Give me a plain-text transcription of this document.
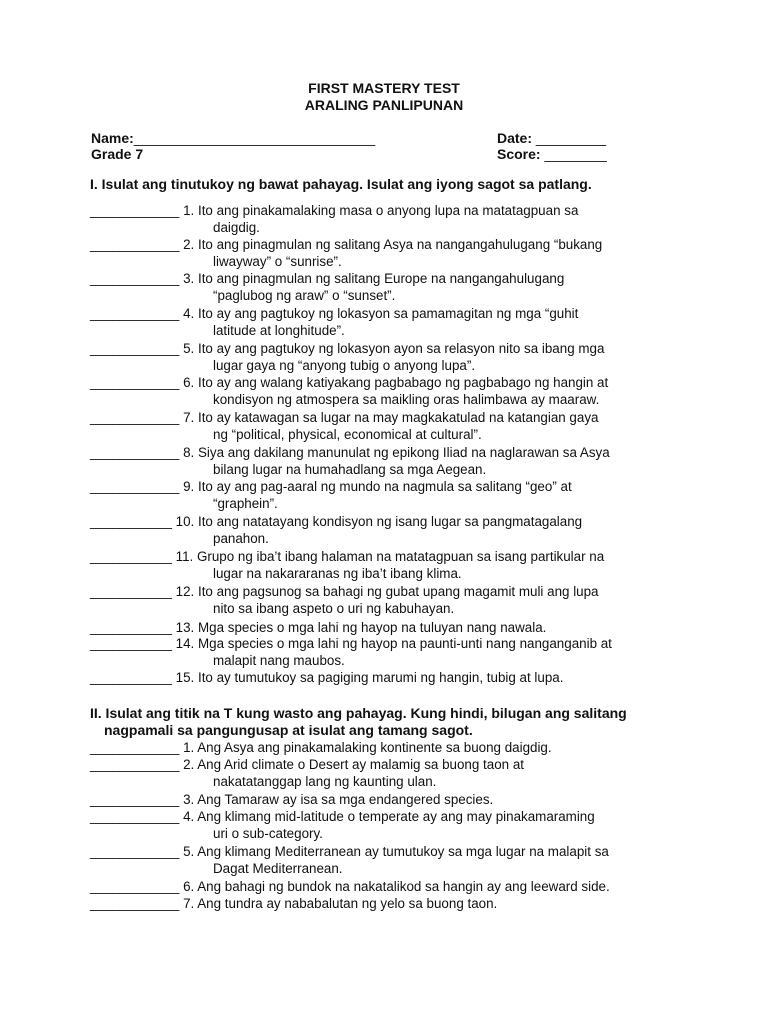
FIRST MASTERY TEST
ARALING PANLIPUNAN
Name:_______________________________	Date: _________
Grade 7	Score: ________
I. Isulat ang tinutukoy ng bawat pahayag. Isulat ang iyong sagot sa patlang.
____________ 1. Ito ang pinakamalaking masa o anyong lupa na matatagpuan sa
daigdig.
____________ 2. Ito ang pinagmulan ng salitang Asya na nangangahulugang “bukang
liwayway” o “sunrise”.
____________ 3. Ito ang pinagmulan ng salitang Europe na nangangahulugang
“paglubog ng araw” o “sunset”.
____________ 4. Ito ay ang pagtukoy ng lokasyon sa pamamagitan ng mga “guhit
latitude at longhitude”.
____________ 5. Ito ay ang pagtukoy ng lokasyon ayon sa relasyon nito sa ibang mga
lugar gaya ng “anyong tubig o anyong lupa”.
____________ 6. Ito ay ang walang katiyakang pagbabago ng pagbabago ng hangin at
kondisyon ng atmospera sa maikling oras halimbawa ay maaraw.
____________ 7. Ito ay katawagan sa lugar na may magkakatulad na katangian gaya
ng “political, physical, economical at cultural”.
____________ 8. Siya ang dakilang manunulat ng epikong Iliad na naglarawan sa Asya
bilang lugar na humahadlang sa mga Aegean.
____________ 9. Ito ay ang pag-aaral ng mundo na nagmula sa salitang “geo” at
“graphein”.
___________ 10. Ito ang natatayang kondisyon ng isang lugar sa pangmatagalang
panahon.
___________ 11. Grupo ng iba’t ibang halaman na matatagpuan sa isang partikular na
lugar na nakararanas ng iba’t ibang klima.
___________ 12. Ito ang pagsunog sa bahagi ng gubat upang magamit muli ang lupa
nito sa ibang aspeto o uri ng kabuhayan.
___________ 13. Mga species o mga lahi ng hayop na tuluyan nang nawala.
___________ 14. Mga species o mga lahi ng hayop na paunti-unti nang nanganganib at
malapit nang maubos.
___________ 15. Ito ay tumutukoy sa pagiging marumi ng hangin, tubig at lupa.
II. Isulat ang titik na T kung wasto ang pahayag. Kung hindi, bilugan ang salitang
nagpamali sa pangungusap at isulat ang tamang sagot.
____________ 1. Ang Asya ang pinakamalaking kontinente sa buong daigdig.
____________ 2. Ang Arid climate o Desert ay malamig sa buong taon at
nakatatanggap lang ng kaunting ulan.
____________ 3. Ang Tamaraw ay isa sa mga endangered species.
____________ 4. Ang klimang mid-latitude o temperate ay ang may pinakamaraming
uri o sub-category.
____________ 5. Ang klimang Mediterranean ay tumutukoy sa mga lugar na malapit sa
Dagat Mediterranean.
____________ 6. Ang bahagi ng bundok na nakatalikod sa hangin ay ang leeward side.
____________ 7. Ang tundra ay nababalutan ng yelo sa buong taon.
